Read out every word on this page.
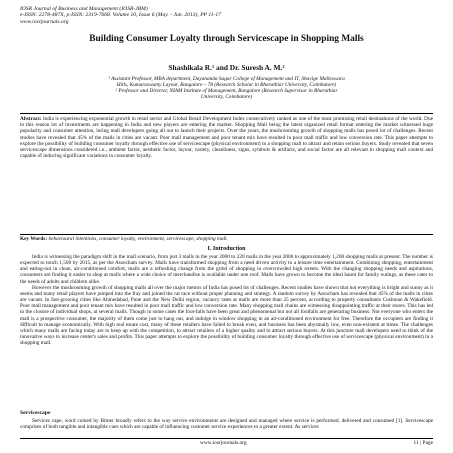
IOSR Journal of Business and Management (IOSR-JBM)
e-ISSN: 2278-487X, p-ISSN: 2319-7668. Volume 10, Issue 6 (May. - Jun. 2013), PP 11-17
www.iosrjournals.org
Building Consumer Loyalty through Servicescape in Shopping Malls
Shashikala R.¹ and Dr. Suresh A. M.²
¹ Assistant Professor, MBA department, Dayananda Sagar College of Management and IT, Shavige Malleswara
Hills, Kumaraswamy Layout, Bangalore – 78 (Research Scholar in Bharathiar University, Coimbatore)
² Professor and Director, NIAM Institute of Management, Bangalore (Research Supervisor in Bharathiar
University, Coimbatore)
Abstract: India is experiencing exponential growth in retail sector and Global Retail Development Index consecutively ranked as one of the most promising retail destinations of the world. Due to this reason lot of investments are happening in India and new players are entering the market. Shopping Mall being the latest organized retail format entering the market witnessed huge popularity and consumer attention, luring mall developers going all out to launch their projects. Over the years, the mushrooming growth of shopping malls has posed lot of challenges. Recent studies have revealed that 45% of the malls in cities are vacant. Poor mall management and poor tenant mix have resulted in poor mall traffic and low conversion rate. This paper attempts to explore the possibility of building consumer loyalty through effective use of servicescape (physical environment) in a shopping mall to attract and retain serious buyers. Study revealed that seven servicescape dimensions considered i.e., ambient factor, aesthetic factor, layout, variety, cleanliness, signs, symbols & artifacts, and social factor are all relevant in shopping mall context and capable of inducing significant variations in consumer loyalty.
Key Words: behavioural intentions, consumer loyalty, environment, servicescape, shopping mall.
I. Introduction

India is witnessing the paradigm shift in the mall scenario, from just 3 malls in the year 2000 to 220 malls in the year 2006 to approximately 1,200 shopping malls at present. The number is expected to touch 1,500 by 2015, as per the Assocham survey. Malls have transformed shopping from a need driven activity to a leisure time entertainment. Combining shopping, entertainment and eating-out in clean, air-conditioned comfort, malls are a refreshing change from the grind of shopping in overcrowded high streets. With the changing shopping needs and aspirations, consumers are finding it easier to shop at malls where a wide choice of merchandise is available under one roof. Malls have grown to become the ideal haunt for family outings, as these cater to the needs of adults and children alike.

However the mushrooming growth of shopping malls all over the major metros of India has posed lot of challenges. Recent studies have shown that not everything is bright and sunny as it seems and many retail players have jumped into the fray and joined the rat race without proper planning and strategy. A random survey by Assocham has revealed that 45% of the malls in cities are vacant. In fast-growing cities like Ahmedabad, Pune and the New Delhi region, vacancy rates at malls are more than 25 percent, according to property consultants Cushman & Wakefield. Poor mall management and poor tenant mix have resulted in poor mall traffic and low conversion rate. Many shopping mall chains are witnessing disappointing traffic at their stores. This has led to the closure of individual shops, at several malls. Though in some cases the foot-falls have been great and phenomenal but not all footfalls are generating business. Not everyone who enters the mall is a prospective consumer, the majority of them come just to hang out, and indulge in window shopping in an air-conditioned environment for free. Therefore the occupiers are finding it difficult to manage economically. With high real estate cost, many of these retailers have failed to break even, and business has been abysmally low, even non-existent at times. The challenges which many malls are facing today are to keep up with the competition, to attract retailers of a higher quality and to attract serious buyers. At this juncture mall developers need to think of the innovative ways to increase center's sales and profits. This paper attempts to explore the possibility of building consumer loyalty through effective use of servicescape (physical environment) in a shopping mall.

Servicescape

Services cape, word coined by Bitner broadly refers to the way service environments are designed and managed where service is performed, delivered and consumed [1]. Servicescape comprises of both tangible and intangible cues which are capable of influencing customer service experiences to a greater extent. As services

www.iosrjournals.org	11 | Page
